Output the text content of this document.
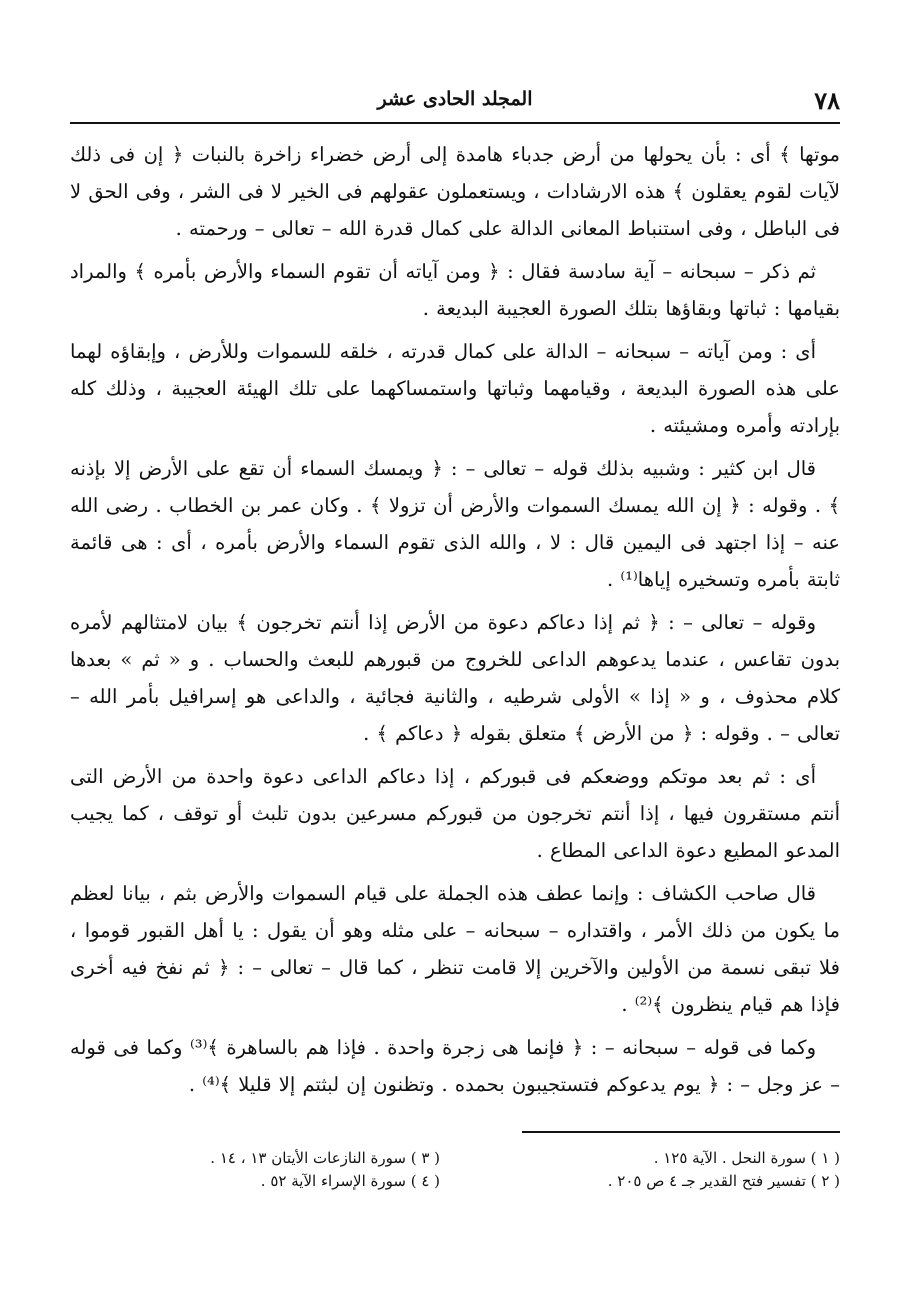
٧٨
المجلد الحادى عشر

موتها ﴾ أى : بأن يحولها من أرض جدباء هامدة إلى أرض خضراء زاخرة بالنبات ﴿ إن فى ذلك لآيات لقوم يعقلون ﴾ هذه الارشادات ، ويستعملون عقولهم فى الخير لا فى الشر ، وفى الحق لا فى الباطل ، وفى استنباط المعانى الدالة على كمال قدرة الله – تعالى – ورحمته .

ثم ذكر – سبحانه – آية سادسة فقال : ﴿ ومن آياته أن تقوم السماء والأرض بأمره ﴾ والمراد بقيامها : ثباتها وبقاؤها بتلك الصورة العجيبة البديعة .

أى : ومن آياته – سبحانه – الدالة على كمال قدرته ، خلقه للسموات وللأرض ، وإبقاؤه لهما على هذه الصورة البديعة ، وقيامهما وثباتها واستمساكهما على تلك الهيئة العجيبة ، وذلك كله بإرادته وأمره ومشيئته .

قال ابن كثير : وشبيه بذلك قوله – تعالى – : ﴿ ويمسك السماء أن تقع على الأرض إلا بإذنه ﴾ . وقوله : ﴿ إن الله يمسك السموات والأرض أن تزولا ﴾ . وكان عمر بن الخطاب . رضى الله عنه – إذا اجتهد فى اليمين قال : لا ، والله الذى تقوم السماء والأرض بأمره ، أى : هى قائمة ثابتة بأمره وتسخيره إياها⁽¹⁾ .

وقوله – تعالى – : ﴿ ثم إذا دعاكم دعوة من الأرض إذا أنتم تخرجون ﴾ بيان لامتثالهم لأمره بدون تقاعس ، عندما يدعوهم الداعى للخروج من قبورهم للبعث والحساب . و « ثم » بعدها كلام محذوف ، و « إذا » الأولى شرطيه ، والثانية فجائية ، والداعى هو إسرافيل بأمر الله – تعالى – . وقوله : ﴿ من الأرض ﴾ متعلق بقوله ﴿ دعاكم ﴾ .

أى : ثم بعد موتكم ووضعكم فى قبوركم ، إذا دعاكم الداعى دعوة واحدة من الأرض التى أنتم مستقرون فيها ، إذا أنتم تخرجون من قبوركم مسرعين بدون تلبث أو توقف ، كما يجيب المدعو المطيع دعوة الداعى المطاع .

قال صاحب الكشاف : وإنما عطف هذه الجملة على قيام السموات والأرض بثم ، بيانا لعظم ما يكون من ذلك الأمر ، واقتداره – سبحانه – على مثله وهو أن يقول : يا أهل القبور قوموا ، فلا تبقى نسمة من الأولين والآخرين إلا قامت تنظر ، كما قال – تعالى – : ﴿ ثم نفخ فيه أخرى فإذا هم قيام ينظرون ﴾⁽²⁾ .

وكما فى قوله – سبحانه – : ﴿ فإنما هى زجرة واحدة . فإذا هم بالساهرة ﴾⁽³⁾ وكما فى قوله – عز وجل – : ﴿ يوم يدعوكم فتستجيبون بحمده . وتظنون إن لبثتم إلا قليلا ﴾⁽⁴⁾ .

( ١ ) سورة النحل . الآية ١٢٥ .
( ٣ ) سورة النازعات الأيتان ١٣ ، ١٤ .
( ٢ ) تفسير فتح القدير جـ ٤ ص ٢٠٥ .
( ٤ ) سورة الإسراء الآية ٥٢ .
